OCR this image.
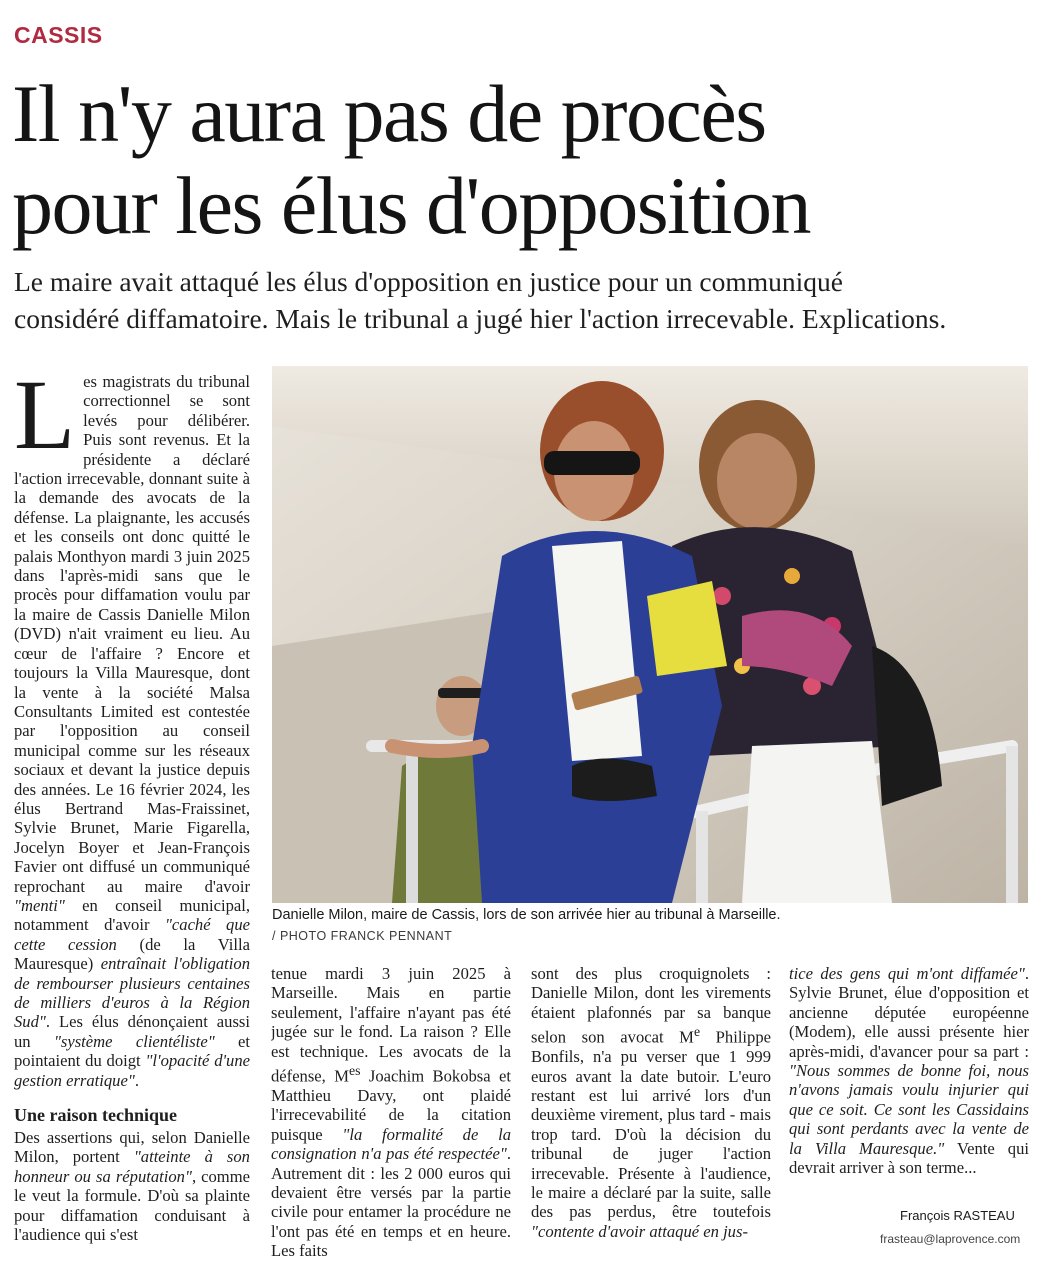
CASSIS
Il n'y aura pas de procès
pour les élus d'opposition

Le maire avait attaqué les élus d'opposition en justice pour un communiqué
considéré diffamatoire. Mais le tribunal a jugé hier l'action irrecevable. Explications.

Les magistrats du tribunal correctionnel se sont levés pour délibérer. Puis sont revenus. Et la présidente a déclaré l'action irrecevable, donnant suite à la demande des avocats de la défense. La plaignante, les accusés et les conseils ont donc quitté le palais Monthyon mardi 3 juin 2025 dans l'après-midi sans que le procès pour diffamation voulu par la maire de Cassis Danielle Milon (DVD) n'ait vraiment eu lieu. Au cœur de l'affaire ? Encore et toujours la Villa Mauresque, dont la vente à la société Malsa Consultants Limited est contestée par l'opposition au conseil municipal comme sur les réseaux sociaux et devant la justice depuis des années. Le 16 février 2024, les élus Bertrand Mas-Fraissinet, Sylvie Brunet, Marie Figarella, Jocelyn Boyer et Jean-François Favier ont diffusé un communiqué reprochant au maire d'avoir "menti" en conseil municipal, notamment d'avoir "caché que cette cession (de la Villa Mauresque) entraînait l'obligation de rembourser plusieurs centaines de milliers d'euros à la Région Sud". Les élus dénonçaient aussi un "système clientéliste" et pointaient du doigt "l'opacité d'une gestion erratique".

Une raison technique

Des assertions qui, selon Danielle Milon, portent "atteinte à son honneur ou sa réputation", comme le veut la formule. D'où sa plainte pour diffamation conduisant à l'audience qui s'est

Danielle Milon, maire de Cassis, lors de son arrivée hier au tribunal à Marseille.
/ PHOTO FRANCK PENNANT

tenue mardi 3 juin 2025 à Marseille. Mais en partie seulement, l'affaire n'ayant pas été jugée sur le fond. La raison ? Elle est technique. Les avocats de la défense, $M^{es}$ Joachim Bokobsa et Matthieu Davy, ont plaidé l'irrecevabilité de la citation puisque "la formalité de la consignation n'a pas été respectée". Autrement dit : les 2 000 euros qui devaient être versés par la partie civile pour entamer la procédure ne l'ont pas été en temps et en heure. Les faits

sont des plus croquignolets : Danielle Milon, dont les virements étaient plafonnés par sa banque selon son avocat Me Philippe Bonfils, n'a pu verser que 1 999 euros avant la date butoir. L'euro restant est lui arrivé lors d'un deuxième virement, plus tard - mais trop tard. D'où la décision du tribunal de juger l'action irrecevable. Présente à l'audience, le maire a déclaré par la suite, salle des pas perdus, être toutefois "contente d'avoir attaqué en jus-

tice des gens qui m'ont diffamée". Sylvie Brunet, élue d'opposition et ancienne députée européenne (Modem), elle aussi présente hier après-midi, d'avancer pour sa part : "Nous sommes de bonne foi, nous n'avons jamais voulu injurier qui que ce soit. Ce sont les Cassidains qui sont perdants avec la vente de la Villa Mauresque." Vente qui devrait arriver à son terme...

François RASTEAU
frasteau@laprovence.com
